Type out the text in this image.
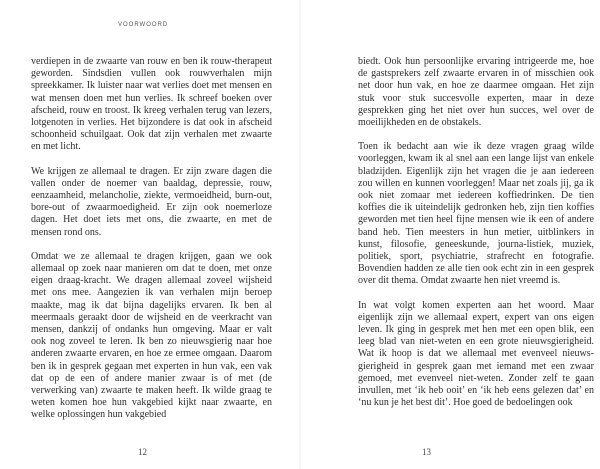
VOORWOORD

verdiepen in de zwaarte van rouw en ben ik rouw-therapeut geworden. Sindsdien vullen ook rouwverhalen mijn spreekkamer. Ik luister naar wat verlies doet met mensen en wat mensen doen met hun verlies. Ik schreef boeken over afscheid, rouw en troost. Ik kreeg verhalen terug van lezers, lotgenoten in verlies. Het bijzondere is dat ook in afscheid schoonheid schuilgaat. Ook dat zijn verhalen met zwaarte en met licht.

We krijgen ze allemaal te dragen. Er zijn zware dagen die vallen onder de noemer van baaldag, depressie, rouw, eenzaamheid, melancholie, ziekte, vermoeidheid, burn-out, bore-out of zwaarmoedigheid. Er zijn ook noemerloze dagen. Het doet iets met ons, die zwaarte, en met de mensen rond ons.

Omdat we ze allemaal te dragen krijgen, gaan we ook allemaal op zoek naar manieren om dat te doen, met onze eigen draag-kracht. We dragen allemaal zoveel wijsheid met ons mee. Aangezien ik van verhalen mijn beroep maakte, mag ik dat bijna dagelijks ervaren. Ik ben al meermaals geraakt door de wijsheid en de veerkracht van mensen, dankzij of ondanks hun omgeving. Maar er valt ook nog zoveel te leren. Ik ben zo nieuwsgierig naar hoe anderen zwaarte ervaren, en hoe ze ermee omgaan. Daarom ben ik in gesprek gegaan met experten in hun vak, een vak dat op de een of andere manier zwaar is of met (de verwerking van) zwaarte te maken heeft. Ik wilde graag te weten komen hoe hun vakgebied kijkt naar zwaarte, en welke oplossingen hun vakgebied

12

biedt. Ook hun persoonlijke ervaring intrigeerde me, hoe de gastsprekers zelf zwaarte ervaren in of misschien ook net door hun vak, en hoe ze daarmee omgaan. Het zijn stuk voor stuk succesvolle experten, maar in deze gesprekken ging het niet over hun succes, wel over de moeilijkheden en de obstakels.

Toen ik bedacht aan wie ik deze vragen graag wilde voorleggen, kwam ik al snel aan een lange lijst van enkele bladzijden. Eigenlijk zijn het vragen die je aan iedereen zou willen en kunnen voorleggen! Maar net zoals jij, ga ik ook niet zomaar met iedereen koffiedrinken. De tien koffies die ik uiteindelijk gedronken heb, zijn tien koffies geworden met tien heel fijne mensen wie ik een of andere band heb. Tien meesters in hun metier, uitblinkers in kunst, filosofie, geneeskunde, journa-listiek, muziek, politiek, sport, psychiatrie, strafrecht en fotografie. Bovendien hadden ze alle tien ook echt zin in een gesprek over dit thema. Omdat zwaarte hen niet vreemd is.

In wat volgt komen experten aan het woord. Maar eigenlijk zijn we allemaal expert, expert van ons eigen leven. Ik ging in gesprek met hen met een open blik, een leeg blad van niet-weten en een grote nieuwsgierigheid. Wat ik hoop is dat we allemaal met evenveel nieuws-gierigheid in gesprek gaan met iemand met een zwaar gemoed, met evenveel niet-weten. Zonder zelf te gaan invullen, met ‘ik heb ooit’ en ‘ik heb eens gelezen dat’ en ‘nu kun je het best dit’. Hoe goed de bedoelingen ook

13
